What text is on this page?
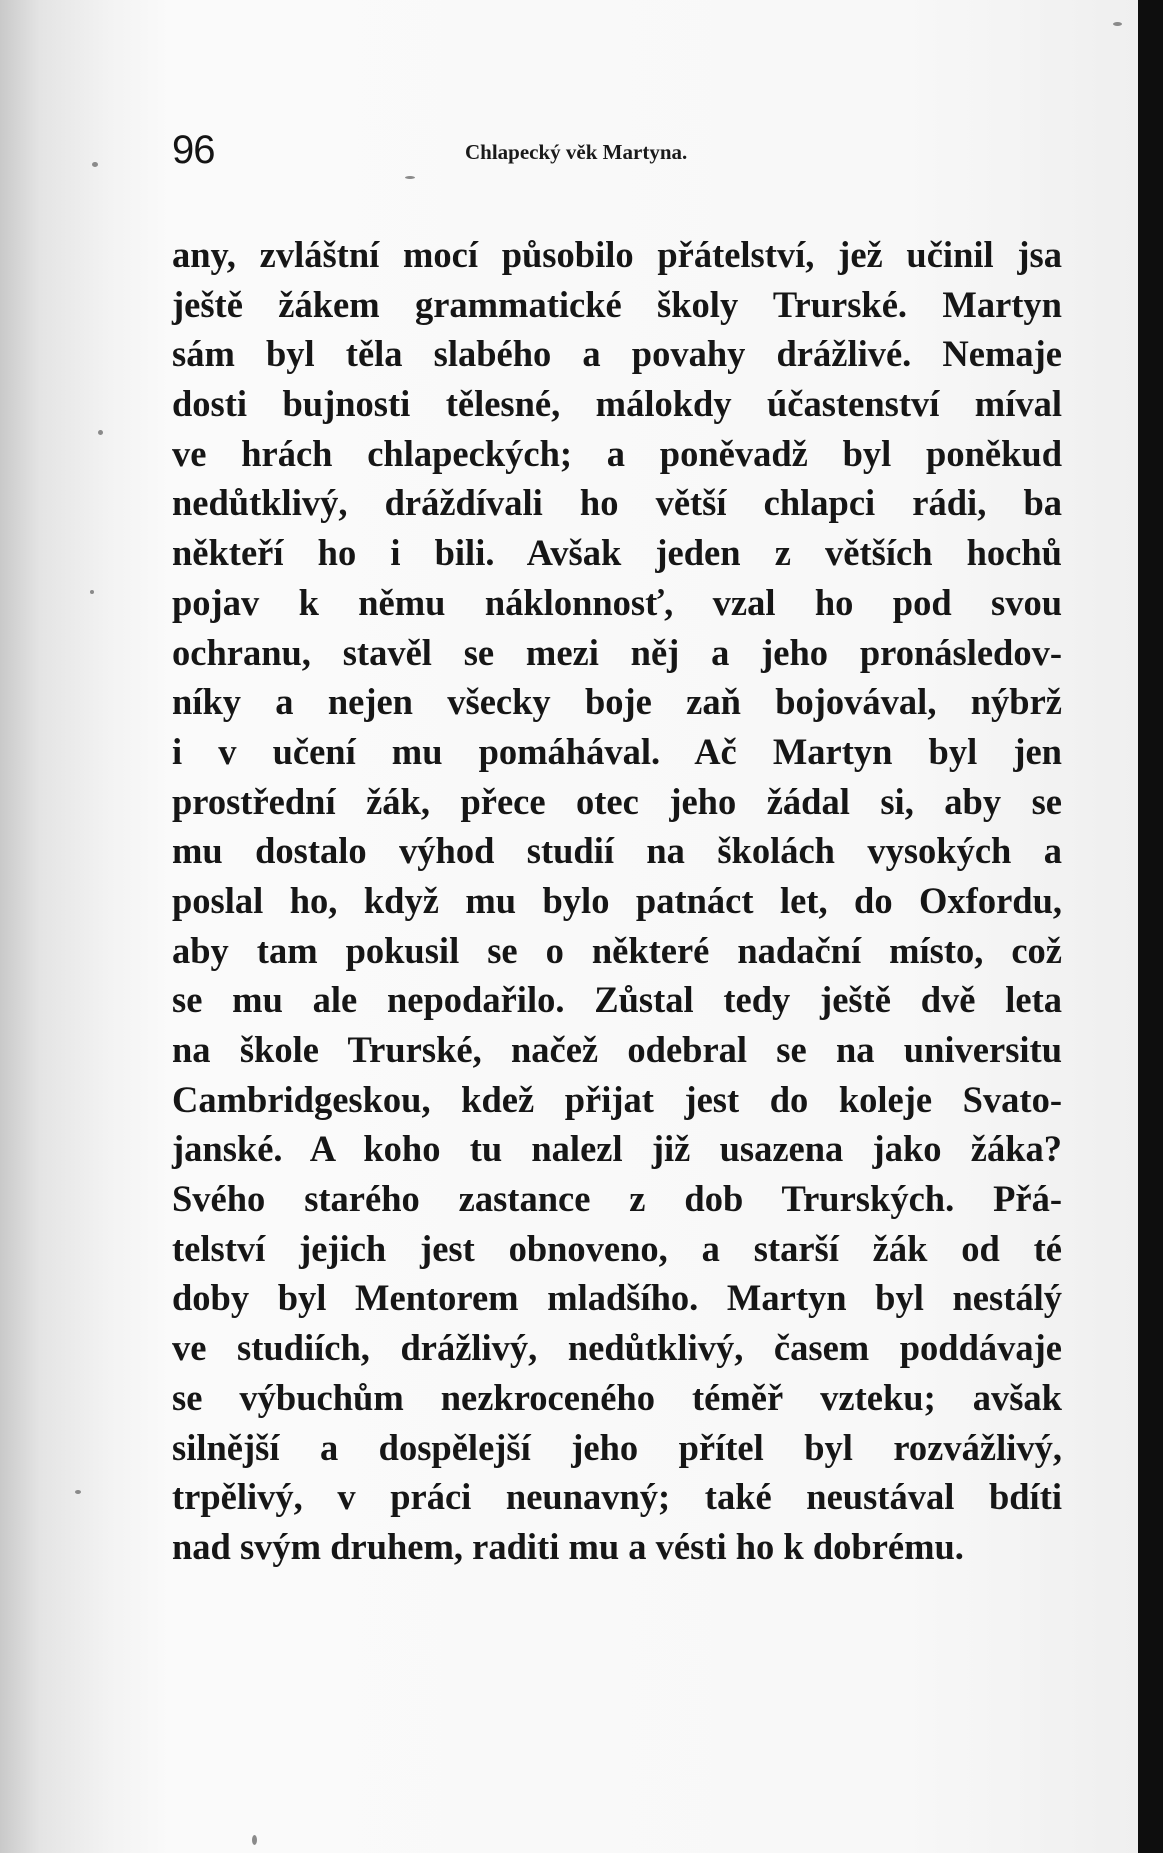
96	Chlapecký věk Martyna.
any, zvláštní mocí působilo přátelství, jež učinil jsa
ještě žákem grammatické školy Trurské. Martyn
sám byl těla slabého a povahy drážlivé. Nemaje
dosti bujnosti tělesné, málokdy účastenství míval
ve hrách chlapeckých; a poněvadž byl poněkud
nedůtklivý, dráždívali ho větší chlapci rádi, ba
někteří ho i bili. Avšak jeden z větších hochů
pojav k němu náklonnosť, vzal ho pod svou
ochranu, stavěl se mezi něj a jeho pronásledov-
níky a nejen všecky boje zaň bojovával, nýbrž
i v učení mu pomáhával. Ač Martyn byl jen
prostřední žák, přece otec jeho žádal si, aby se
mu dostalo výhod studií na školách vysokých a
poslal ho, když mu bylo patnáct let, do Oxfordu,
aby tam pokusil se o některé nadační místo, což
se mu ale nepodařilo. Zůstal tedy ještě dvě leta
na škole Trurské, načež odebral se na universitu
Cambridgeskou, kdež přijat jest do koleje Svato-
janské. A koho tu nalezl již usazena jako žáka?
Svého starého zastance z dob Trurských. Přá-
telství jejich jest obnoveno, a starší žák od té
doby byl Mentorem mladšího. Martyn byl nestálý
ve studiích, drážlivý, nedůtklivý, časem poddávaje
se výbuchům nezkroceného téměř vzteku; avšak
silnější a dospělejší jeho přítel byl rozvážlivý,
trpělivý, v práci neunavný; také neustával bdíti
nad svým druhem, raditi mu a vésti ho k dobrému.
